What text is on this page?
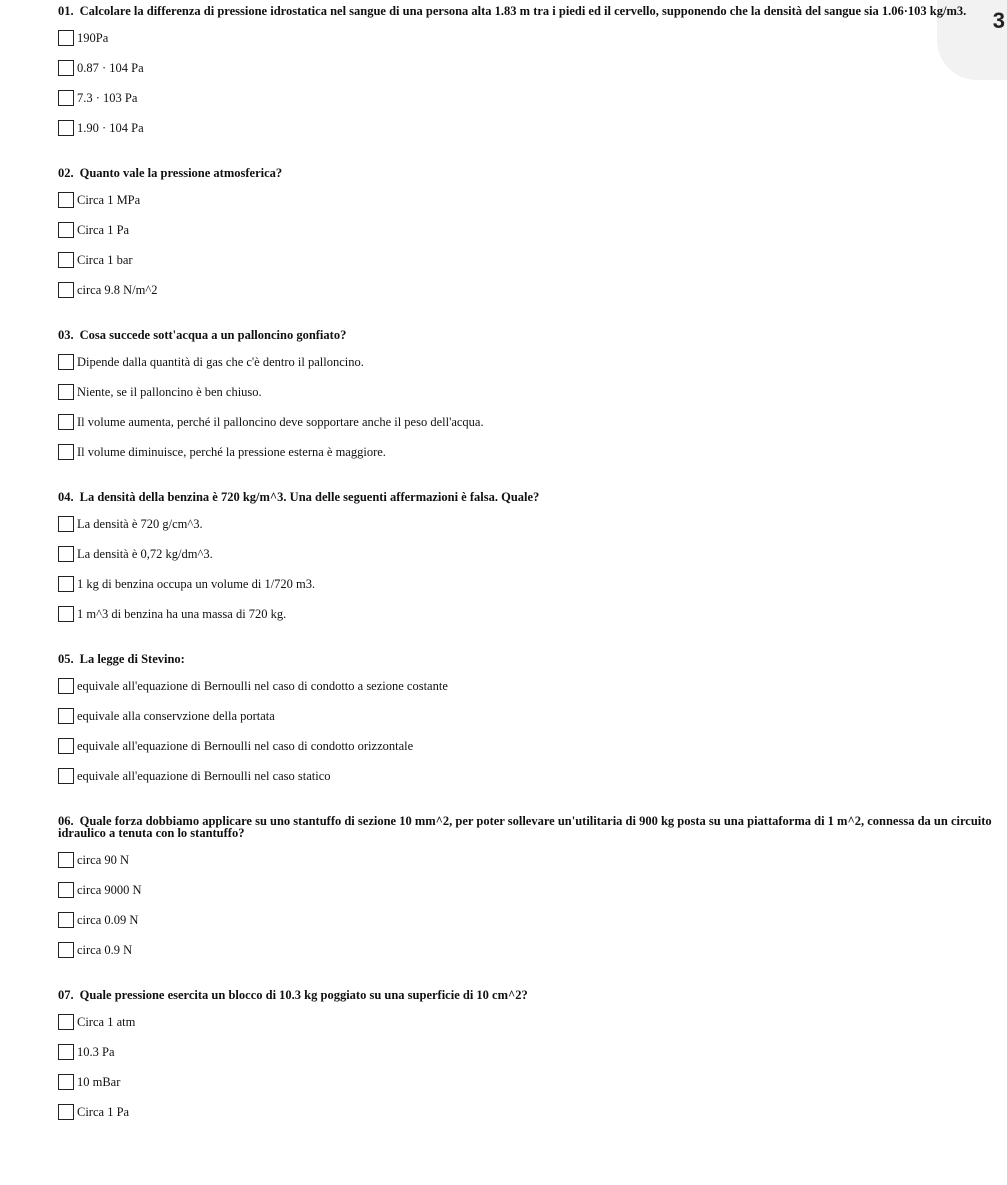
3
01. Calcolare la differenza di pressione idrostatica nel sangue di una persona alta 1.83 m tra i piedi ed il cervello, supponendo che la densità del sangue sia 1.06·103 kg/m3.
190Pa
0.87 · 104 Pa
7.3 · 103 Pa
1.90 · 104 Pa
02. Quanto vale la pressione atmosferica?
Circa 1 MPa
Circa 1 Pa
Circa 1 bar
circa 9.8 N/m^2
03. Cosa succede sott'acqua a un palloncino gonfiato?
Dipende dalla quantità di gas che c'è dentro il palloncino.
Niente, se il palloncino è ben chiuso.
Il volume aumenta, perché il palloncino deve sopportare anche il peso dell'acqua.
Il volume diminuisce, perché la pressione esterna è maggiore.
04. La densità della benzina è 720 kg/m^3. Una delle seguenti affermazioni è falsa. Quale?
La densità è 720 g/cm^3.
La densità è 0,72 kg/dm^3.
1 kg di benzina occupa un volume di 1/720 m3.
1 m^3 di benzina ha una massa di 720 kg.
05. La legge di Stevino:
equivale all'equazione di Bernoulli nel caso di condotto a sezione costante
equivale alla conservzione della portata
equivale all'equazione di Bernoulli nel caso di condotto orizzontale
equivale all'equazione di Bernoulli nel caso statico
06. Quale forza dobbiamo applicare su uno stantuffo di sezione 10 mm^2, per poter sollevare un'utilitaria di 900 kg posta su una piattaforma di 1 m^2, connessa da un circuito idraulico a tenuta con lo stantuffo?
circa 90 N
circa 9000 N
circa 0.09 N
circa 0.9 N
07. Quale pressione esercita un blocco di 10.3 kg poggiato su una superficie di 10 cm^2?
Circa 1 atm
10.3 Pa
10 mBar
Circa 1 Pa
